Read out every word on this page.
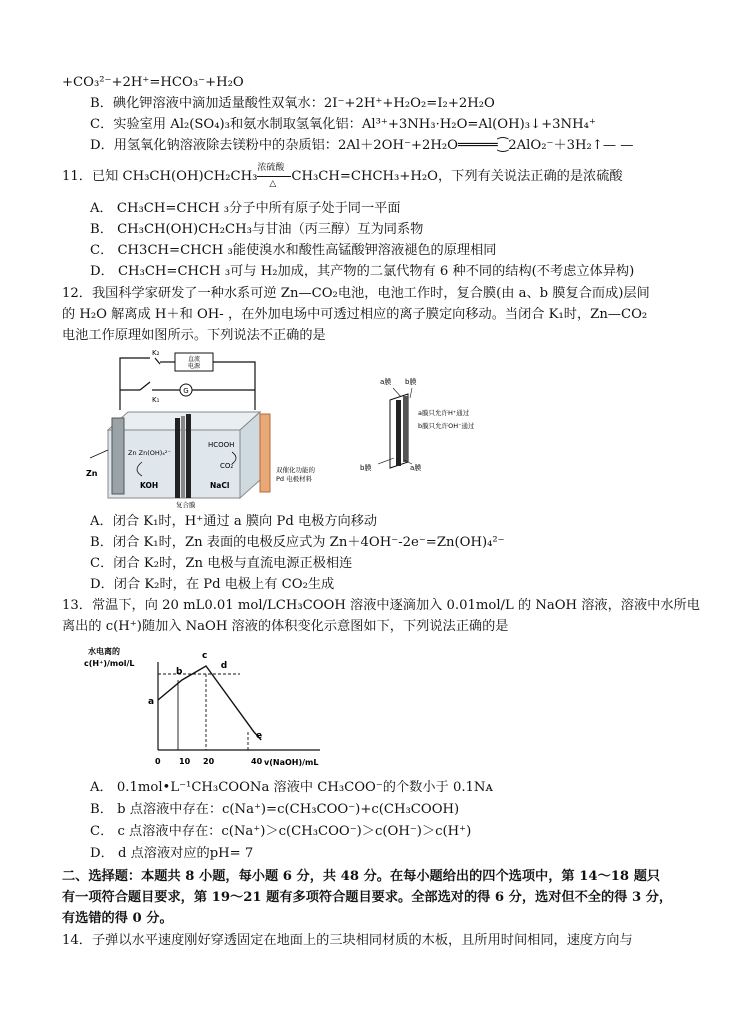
+CO₃²⁻+2H⁺=HCO₃⁻+H₂O
B．碘化钾溶液中滴加适量酸性双氧水：2I⁻+2H⁺+H₂O₂=I₂+2H₂O
C．实验室用 Al₂(SO₄)₃和氨水制取氢氧化铝：Al³⁺+3NH₃·H₂O=Al(OH)₃↓+3NH₄⁺
D．用氢氧化钠溶液除去镁粉中的杂质铝：2Al＋2OH⁻+2H₂O═════⁐2AlO₂⁻＋3H₂↑— —
11．已知 CH₃CH(OH)CH₂CH₃
浓硫酸
△ CH₃CH=CHCH₃+H₂O，下列有关说法正确的是浓硫酸
A． CH₃CH=CHCH ₃分子中所有原子处于同一平面
B． CH₃CH(OH)CH₂CH₃与甘油（丙三醇）互为同系物
C． CH3CH=CHCH ₃能使溴水和酸性高锰酸钾溶液褪色的原理相同
D． CH₃CH=CHCH ₃可与 H₂加成，其产物的二氯代物有 6 种不同的结构(不考虑立体异构)
12．我国科学家研发了一种水系可逆 Zn—CO₂电池，电池工作时，复合膜(由 a、b 膜复合而成)层间
的 H₂O 解离成 H＋和 OH- ，在外加电场中可透过相应的离子膜定向移动。当闭合 K₁时，Zn—CO₂
电池工作原理如图所示。下列说法不正确的是
直流
电源
G
K₂
K₁
Zn
Zn Zn(OH)₄²⁻
KOH
HCOOH
CO₂
NaCl
双催化功能的
Pd 电极材料
复合膜
a膜 b膜
a膜只允许H⁺通过
b膜只允许OH⁻通过
b膜	a膜
A．闭合 K₁时，H⁺通过 a 膜向 Pd 电极方向移动
B．闭合 K₁时，Zn 表面的电极反应式为 Zn＋4OH⁻-2e⁻=Zn(OH)₄²⁻
C．闭合 K₂时，Zn 电极与直流电源正极相连
D．闭合 K₂时，在 Pd 电极上有 CO₂生成
13．常温下，向 20 mL0.01 mol/LCH₃COOH 溶液中逐滴加入 0.01mol/L 的 NaOH 溶液，溶液中水所电
离出的 c(H⁺)随加入 NaOH 溶液的体积变化示意图如下，下列说法正确的是
水电离的
c(H⁺)/mol/L
0 10 20	40
a
b
c
d
e
v(NaOH)/mL
A． 0.1mol•L⁻¹CH₃COONa 溶液中 CH₃COO⁻的个数小于 0.1Nᴀ
B． b 点溶液中存在：c(Na⁺)=c(CH₃COO⁻)+c(CH₃COOH)
C． c 点溶液中存在：c(Na⁺)＞c(CH₃COO⁻)＞c(OH⁻)＞c(H⁺)
D． d 点溶液对应的pH= 7
二、选择题：本题共 8 小题，每小题 6 分，共 48 分。在每小题给出的四个选项中，第 14～18 题只
有一项符合题目要求，第 19～21 题有多项符合题目要求。全部选对的得 6 分，选对但不全的得 3 分，
有选错的得 0 分。
14．子弹以水平速度刚好穿透固定在地面上的三块相同材质的木板，且所用时间相同，速度方向与
